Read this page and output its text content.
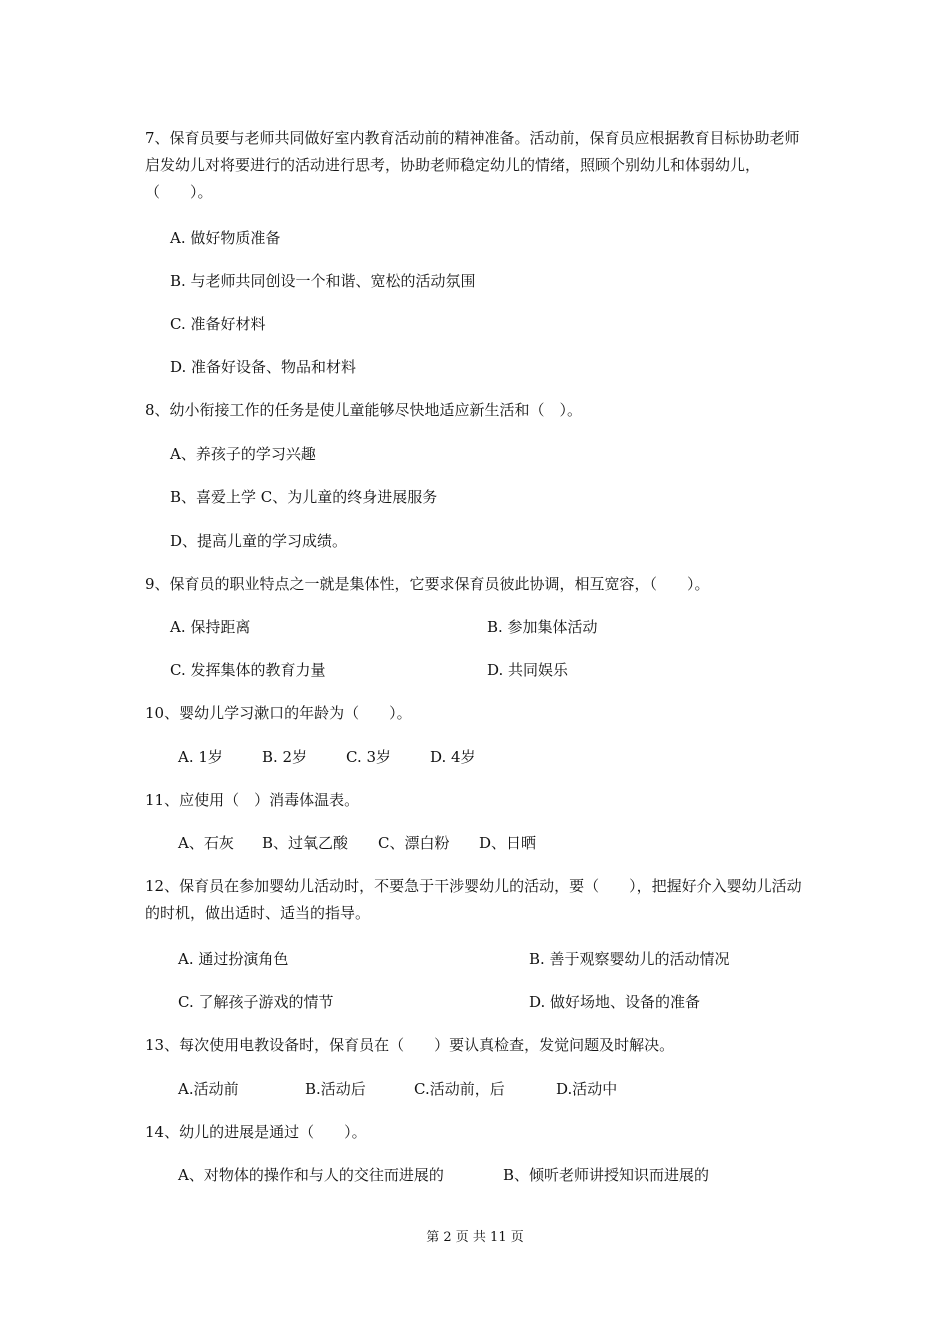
7、保育员要与老师共同做好室内教育活动前的精神准备。活动前，保育员应根据教育目标协助老师启发幼儿对将要进行的活动进行思考，协助老师稳定幼儿的情绪，照顾个别幼儿和体弱幼儿，（　　）。

A. 做好物质准备

B. 与老师共同创设一个和谐、宽松的活动氛围

C. 准备好材料

D. 准备好设备、物品和材料

8、幼小衔接工作的任务是使儿童能够尽快地适应新生活和（　）。

A、养孩子的学习兴趣

B、喜爱上学 C、为儿童的终身进展服务

D、提高儿童的学习成绩。

9、保育员的职业特点之一就是集体性，它要求保育员彼此协调，相互宽容，（　　）。

A. 保持距离	B. 参加集体活动

C. 发挥集体的教育力量	D. 共同娱乐

10、婴幼儿学习漱口的年龄为（　　）。

A. 1岁	B. 2岁	C. 3岁	D. 4岁

11、应使用（　）消毒体温表。

A、石灰 B、过氧乙酸 C、漂白粉 D、日晒

12、保育员在参加婴幼儿活动时，不要急于干涉婴幼儿的活动，要（　　），把握好介入婴幼儿活动的时机，做出适时、适当的指导。

A. 通过扮演角色	B. 善于观察婴幼儿的活动情况

C. 了解孩子游戏的情节	D. 做好场地、设备的准备

13、每次使用电教设备时，保育员在（　　）要认真检查，发觉问题及时解决。

A.活动前	B.活动后	C.活动前，后	D.活动中

14、幼儿的进展是通过（　　）。

A、对物体的操作和与人的交往而进展的	B、倾听老师讲授知识而进展的

第 2 页 共 11 页
